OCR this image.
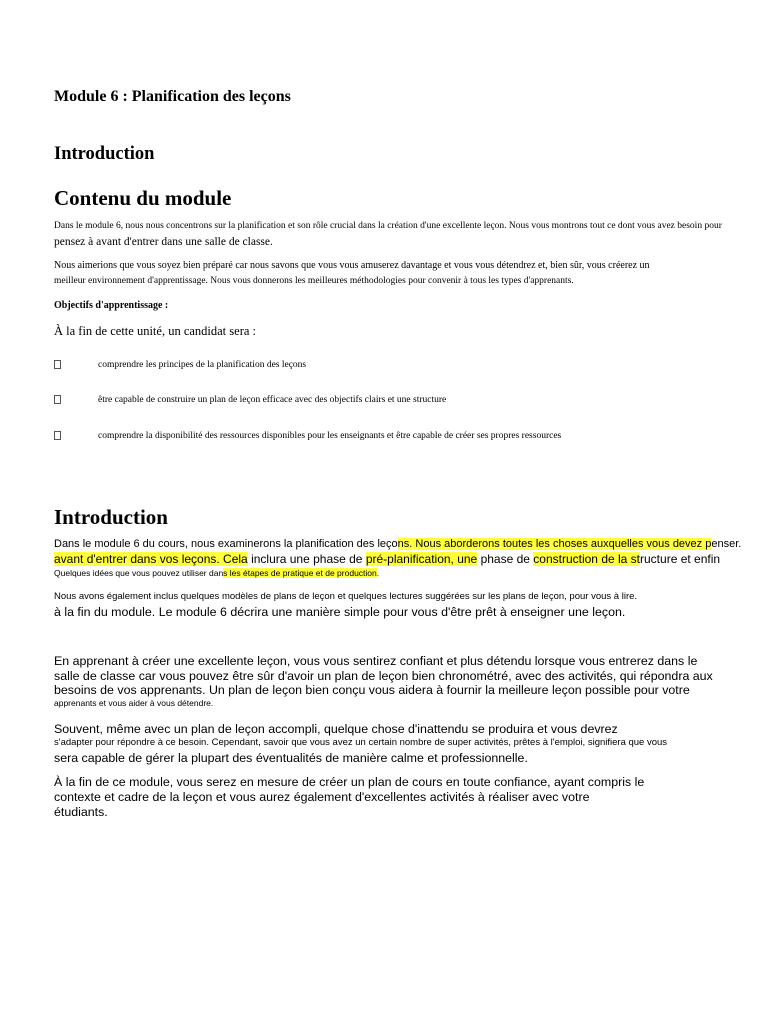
Module 6 : Planification des leçons
Introduction
Contenu du module
Dans le module 6, nous nous concentrons sur la planification et son rôle crucial dans la création d'une excellente leçon. Nous vous montrons tout ce dont vous avez besoin pour
pensez à avant d'entrer dans une salle de classe.
Nous aimerions que vous soyez bien préparé car nous savons que vous vous amuserez davantage et vous vous détendrez et, bien sûr, vous créerez un
meilleur environnement d'apprentissage. Nous vous donnerons les meilleures méthodologies pour convenir à tous les types d'apprenants.
Objectifs d'apprentissage :
À la fin de cette unité, un candidat sera :
comprendre les principes de la planification des leçons
être capable de construire un plan de leçon efficace avec des objectifs clairs et une structure
comprendre la disponibilité des ressources disponibles pour les enseignants et être capable de créer ses propres ressources
Introduction
Dans le module 6 du cours, nous examinerons la planification des leçons. Nous aborderons toutes les choses auxquelles vous devez penser.
avant d'entrer dans vos leçons. Cela inclura une phase de pré-planification, une phase de construction de la structure et enfin
Quelques idées que vous pouvez utiliser dans les étapes de pratique et de production.
Nous avons également inclus quelques modèles de plans de leçon et quelques lectures suggérées sur les plans de leçon, pour vous à lire.
à la fin du module. Le module 6 décrira une manière simple pour vous d'être prêt à enseigner une leçon.
En apprenant à créer une excellente leçon, vous vous sentirez confiant et plus détendu lorsque vous entrerez dans le
salle de classe car vous pouvez être sûr d'avoir un plan de leçon bien chronométré, avec des activités, qui répondra aux
besoins de vos apprenants. Un plan de leçon bien conçu vous aidera à fournir la meilleure leçon possible pour votre
apprenants et vous aider à vous détendre.
Souvent, même avec un plan de leçon accompli, quelque chose d'inattendu se produira et vous devrez
s'adapter pour répondre à ce besoin. Cependant, savoir que vous avez un certain nombre de super activités, prêtes à l'emploi, signifiera que vous
sera capable de gérer la plupart des éventualités de manière calme et professionnelle.
À la fin de ce module, vous serez en mesure de créer un plan de cours en toute confiance, ayant compris le
contexte et cadre de la leçon et vous aurez également d'excellentes activités à réaliser avec votre
étudiants.
